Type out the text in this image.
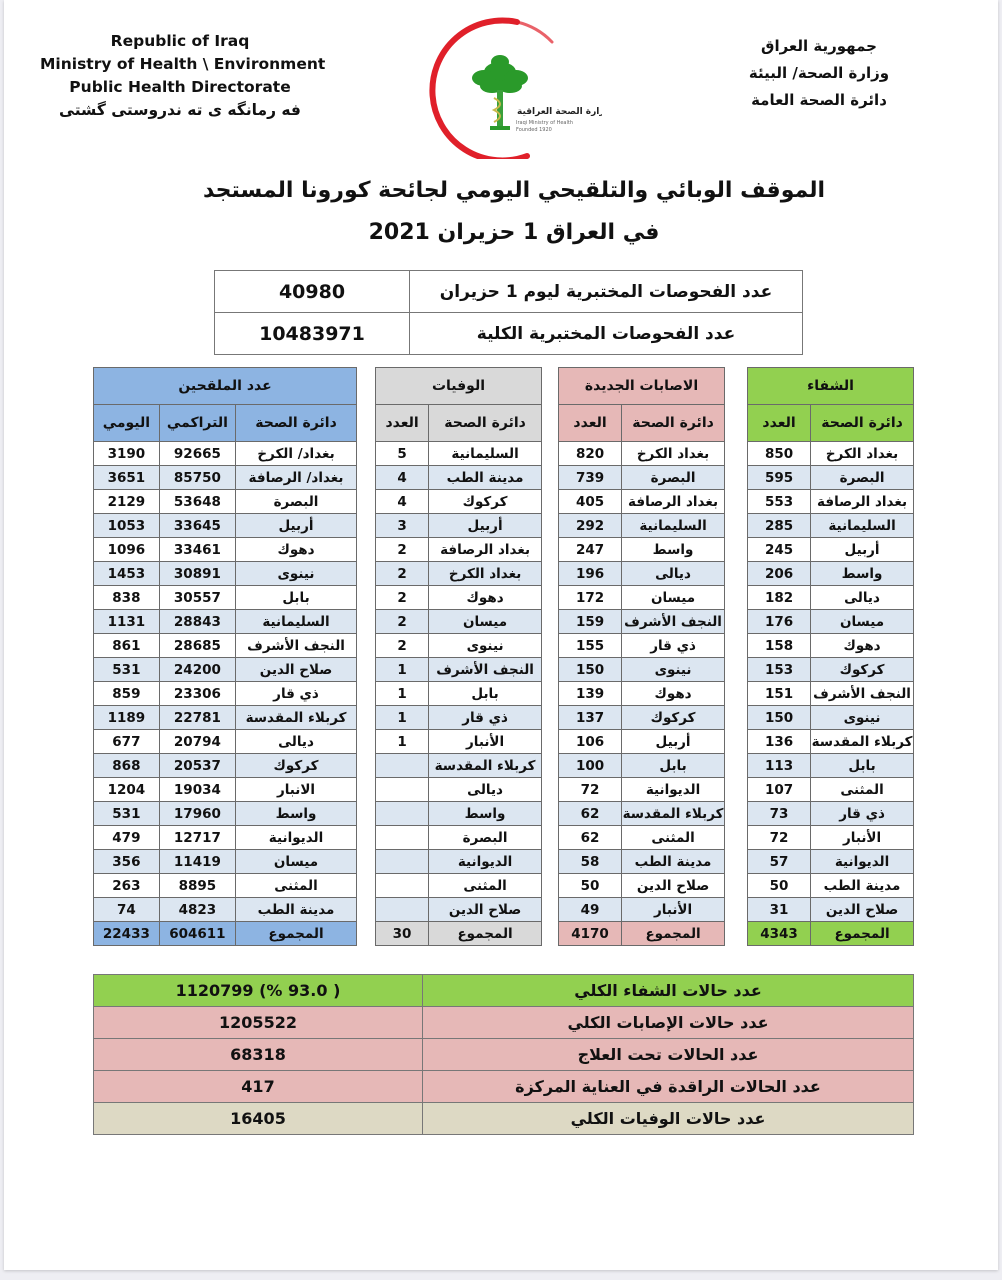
Republic of Iraq
Ministry of Health \ Environment
Public Health Directorate
فه رمانگه ی ته ندروستی گشتی	وزارة الصحة العراقية
Iraqi Ministry of Health
Founded 1920
جمهورية العراق
وزارة الصحة/ البيئة
دائرة الصحة العامة
الموقف الوبائي والتلقيحي اليومي لجائحة كورونا المستجد
في العراق 1 حزيران 2021
عدد الفحوصات المختبرية ليوم 1 حزيران	40980
عدد الفحوصات المختبرية الكلية	10483971
الشفاء	
دائرة الصحة	العدد
بغداد الكرخ	850
البصرة	595
بغداد الرصافة	553
السليمانية	285
أربيل	245
واسط	206
ديالى	182
ميسان	176
دهوك	158
كركوك	153
النجف الأشرف	151
نينوى	150
كربلاء المقدسة	136
بابل	113
المثنى	107
ذي قار	73
الأنبار	72
الديوانية	57
مدينة الطب	50
صلاح الدين	31
المجموع	4343
الاصابات الجديدة	
دائرة الصحة	العدد
بغداد الكرخ	820
البصرة	739
بغداد الرصافة	405
السليمانية	292
واسط	247
ديالى	196
ميسان	172
النجف الأشرف	159
ذي قار	155
نينوى	150
دهوك	139
كركوك	137
أربيل	106
بابل	100
الديوانية	72
كربلاء المقدسة	62
المثنى	62
مدينة الطب	58
صلاح الدين	50
الأنبار	49
المجموع	4170
الوفيات	
دائرة الصحة	العدد
السليمانية	5
مدينة الطب	4
كركوك	4
أربيل	3
بغداد الرصافة	2
بغداد الكرخ	2
دهوك	2
ميسان	2
نينوى	2
النجف الأشرف	1
بابل	1
ذي قار	1
الأنبار	1
كربلاء المقدسة	
ديالى	
واسط	
البصرة	
الديوانية	
المثنى	
صلاح الدين	
المجموع	30
عدد الملقحين		
دائرة الصحة	التراكمي	اليومي
بغداد/ الكرخ	92665	3190
بغداد/ الرصافة	85750	3651
البصرة	53648	2129
أربيل	33645	1053
دهوك	33461	1096
نينوى	30891	1453
بابل	30557	838
السليمانية	28843	1131
النجف الأشرف	28685	861
صلاح الدين	24200	531
ذي قار	23306	859
كربلاء المقدسة	22781	1189
ديالى	20794	677
كركوك	20537	868
الانبار	19034	1204
واسط	17960	531
الديوانية	12717	479
ميسان	11419	356
المثنى	8895	263
مدينة الطب	4823	74
المجموع	604611	22433
عدد حالات الشفاء الكلي	1120799 (% 93.0 )
عدد حالات الإصابات الكلي	1205522
عدد الحالات تحت العلاج	68318
عدد الحالات الراقدة في العناية المركزة	417
عدد حالات الوفيات الكلي	16405
